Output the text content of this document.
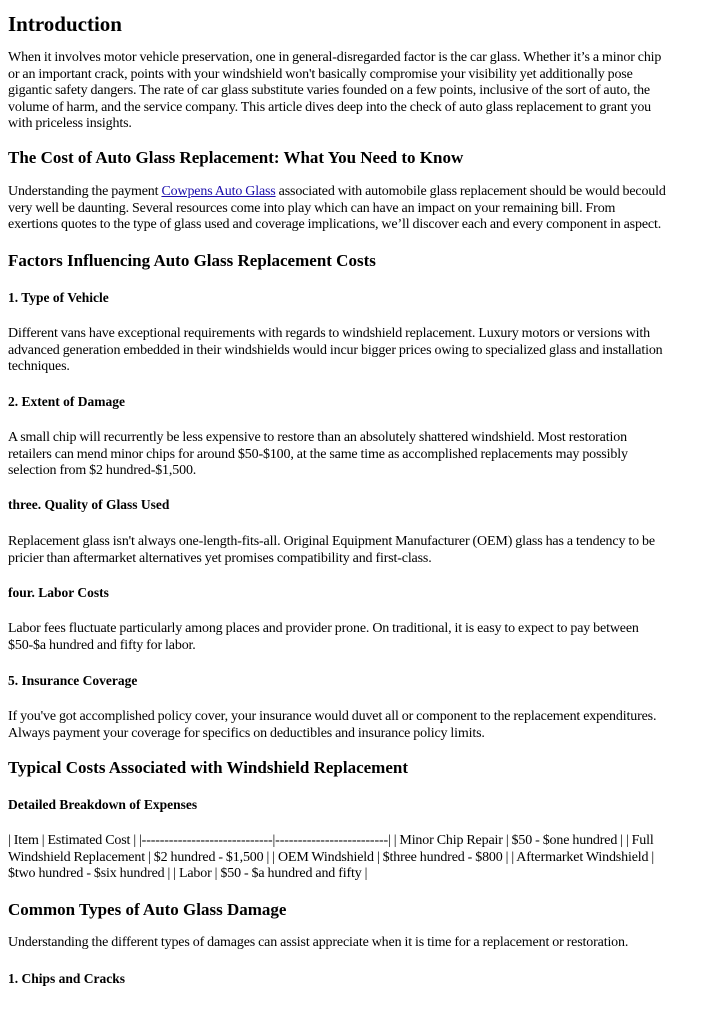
Introduction

When it involves motor vehicle preservation, one in general-disregarded factor is the car glass. Whether it’s a minor chip

or an important crack, points with your windshield won't basically compromise your visibility yet additionally pose

gigantic safety dangers. The rate of car glass substitute varies founded on a few points, inclusive of the sort of auto, the

volume of harm, and the service company. This article dives deep into the check of auto glass replacement to grant you

with priceless insights.

The Cost of Auto Glass Replacement: What You Need to Know

Understanding the payment Cowpens Auto Glass associated with automobile glass replacement should be would becould

very well be daunting. Several resources come into play which can have an impact on your remaining bill. From

exertions quotes to the type of glass used and coverage implications, we’ll discover each and every component in aspect.

Factors Influencing Auto Glass Replacement Costs
1. Type of Vehicle

Different vans have exceptional requirements with regards to windshield replacement. Luxury motors or versions with

advanced generation embedded in their windshields would incur bigger prices owing to specialized glass and installation

techniques.

2. Extent of Damage

A small chip will recurrently be less expensive to restore than an absolutely shattered windshield. Most restoration

retailers can mend minor chips for around $50-$100, at the same time as accomplished replacements may possibly

selection from $2 hundred-$1,500.

three. Quality of Glass Used

Replacement glass isn't always one-length-fits-all. Original Equipment Manufacturer (OEM) glass has a tendency to be

pricier than aftermarket alternatives yet promises compatibility and first-class.

four. Labor Costs

Labor fees fluctuate particularly among places and provider prone. On traditional, it is easy to expect to pay between

$50-$a hundred and fifty for labor.

5. Insurance Coverage

If you've got accomplished policy cover, your insurance would duvet all or component to the replacement expenditures.

Always payment your coverage for specifics on deductibles and insurance policy limits.

Typical Costs Associated with Windshield Replacement
Detailed Breakdown of Expenses

| Item | Estimated Cost | |-----------------------------|-------------------------| | Minor Chip Repair | $50 - $one hundred | | Full

Windshield Replacement | $2 hundred - $1,500 | | OEM Windshield | $three hundred - $800 | | Aftermarket Windshield |

$two hundred - $six hundred | | Labor | $50 - $a hundred and fifty |

Common Types of Auto Glass Damage

Understanding the different types of damages can assist appreciate when it is time for a replacement or restoration.

1. Chips and Cracks
